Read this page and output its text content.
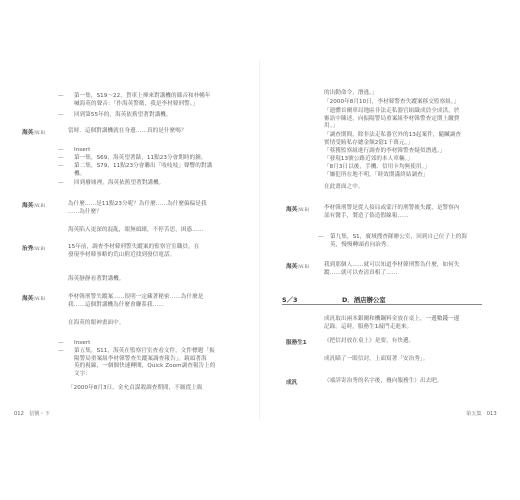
— 第一集，S19～22，貨車上揮來對講機的篩音和朴暢年
喊海英的聲音：「作海英警衛，我是李材韓刑警。」
— 回到第55年的，海英依舊望著對講機。
海英(W.B)	當時．這個對講機就在身邊……真的是什麼嗎？
— Insert
— 第一集，S69，海英望著錶，11點23分會期時的鐘。
— 第二集，S79，11點23分會聯出「吱吱吱」聲響的對講
機。
— 回到廢墟裡，海英依舊望著對講機。
海英(W.B)	為什麼……是11點23分呢？為什麼……為什麼偏偏是我
……為什麼？
海英陷入更深的混亂，眼無頭緒，不停苦思，困惑……
治秀(W.B)	15年前，調查李材韓刑警失蹤案的監察官室職員，在
發現李材韓事略的荒山附近找到發信電話。
海英靜靜看著對講機。
海英(W.B)	李材韓刑警失蹤案……很明一定藏著秘密……為什麼是
我……這個對講機為什麼會聯系我……
在海英的眼神畫面中。
— Insert
— 第五集，S11，海英在監察官室查看文件，文件標題「振
陽警局重案組李材韓警查失蹤案調查報告」。鏡頭著海
英的視線，一個個快速轉閱，Quick Zoom調查報告上的
文字：
「2000年8月3日，金允貞謀殺調查期間，不願從上級
012　信號・下
的出動命令，潛逃。」
「2000年8月10日，李材韓警查失蹤案移交監察組。」
「遺體首爾車局地區非法走私器官組織成員全成洪，於
審訊中陳述，向振陽警局重案組李材韓警查定期上繳費
用。」
「調查期間，除非法走私器官外的13起案件，隨贓調查
實情受賄私存總金額2億1千萬元。」
「蔡獲監察組進行調查的李材韓警查疑似潛逃。」
「發現13號公路近郊的本人車輛。」
「8月3日以後，手機、信用卡均無使用。」
「嫌犯所在地不明，「時效期滿終結調查」
在此畫面之中。
海英(W.B)	李材韓刑警是從人接局或蒙汗的刑警後失蹤，是警察內
部有醫手，製造了偽造假線報……
— 第九集，S1，廣域搜查隊辦公室，回到自己位子上的海
英，慢慢轉頭看向治秀。
海英(W.B)	我到那個人……就可以知道李材韓刑警為什麼，如何失
蹤……就可以查清真相了……
S／3	D．酒店辦公室
成汎取出兩本銀爾和機鋼料金放在桌上，一邊數錢一邊
記錄。這時，服務生1敲門走進來。
服務生1	《把信封放在桌上》是要，有快遞。
成汎瞄了一眼信封，上面寫著「安治秀」。
成汎	（端詳寄治秀的名字後，疊向服務生）出去吧。
第五集　013
